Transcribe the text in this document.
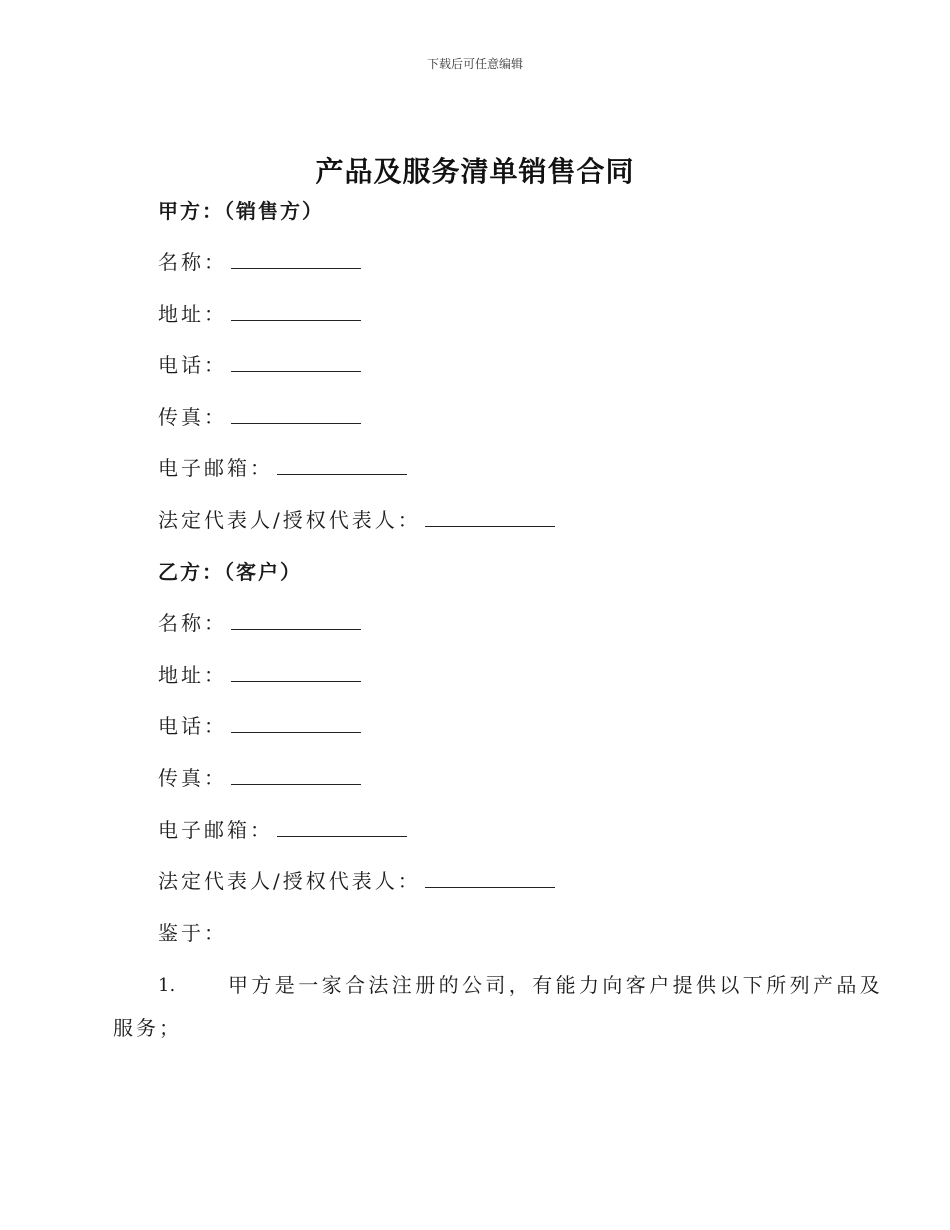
下载后可任意编辑
产品及服务清单销售合同
甲方：（销售方）
名称：
地址：
电话：
传真：
电子邮箱：
法定代表人/授权代表人：
乙方：（客户）
名称：
地址：
电话：
传真：
电子邮箱：
法定代表人/授权代表人：
鉴于：
1.	甲方是一家合法注册的公司，有能力向客户提供以下所列产品及
服务；
